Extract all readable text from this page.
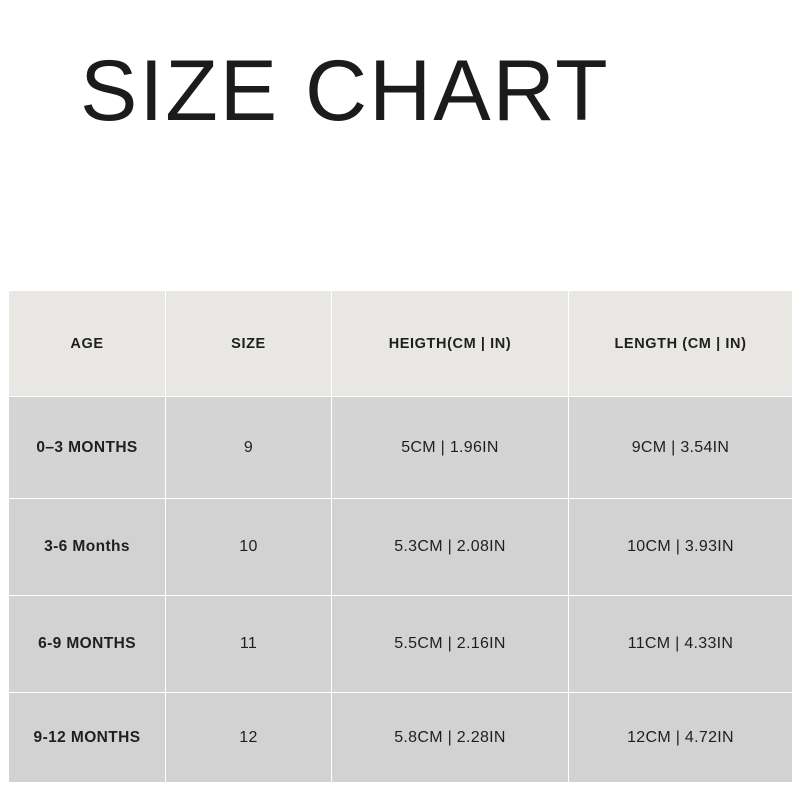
SIZE CHART
AGE	SIZE	HEIGTH(CM | IN)	LENGTH (CM | IN)
0–3 MONTHS	9	5CM | 1.96IN	9CM | 3.54IN
3-6 Months	10	5.3CM | 2.08IN	10CM | 3.93IN
6-9 MONTHS	11	5.5CM | 2.16IN	11CM | 4.33IN
9-12 MONTHS	12	5.8CM | 2.28IN	12CM | 4.72IN
